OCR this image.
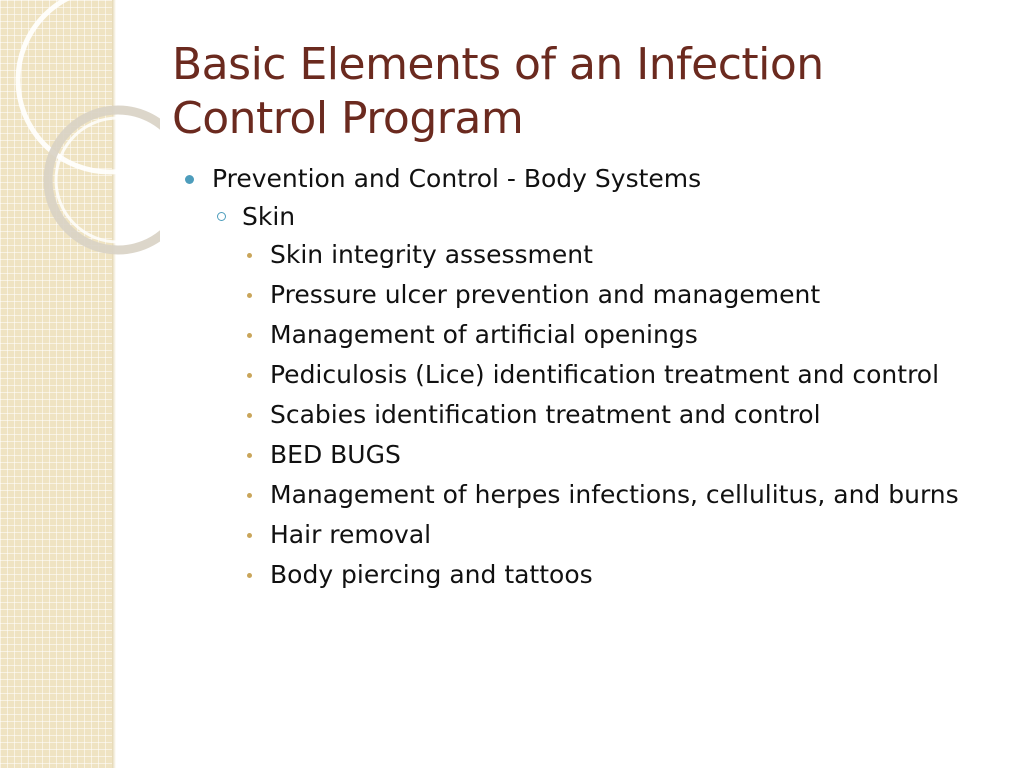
Basic Elements of an Infection
Control Program
Prevention and Control - Body Systems
Skin
Skin integrity assessment
Pressure ulcer prevention and management
Management of artificial openings
Pediculosis (Lice) identification treatment and control
Scabies identification treatment and control
BED BUGS
Management of herpes infections, cellulitus, and burns
Hair removal
Body piercing and tattoos
